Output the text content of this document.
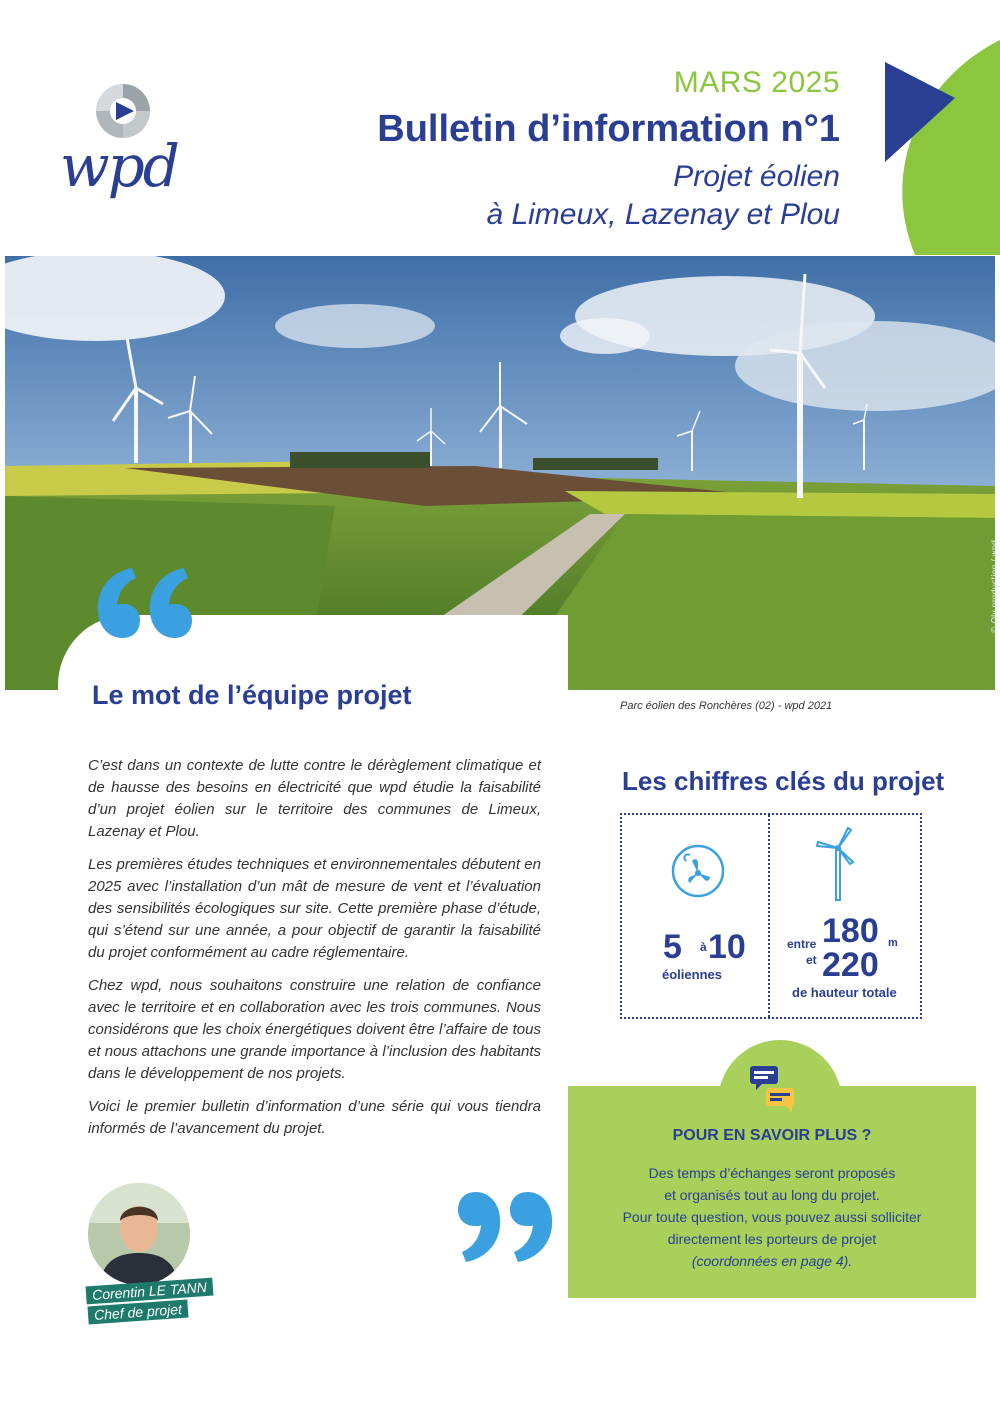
wpd
MARS 2025
Bulletin d’information n°1
Projet éolien
à Limeux, Lazenay et Plou
© Oly production / wpd
Le mot de l’équipe projet	Parc éolien des Ronchères (02) - wpd 2021

C’est dans un contexte de lutte contre le dérèglement climatique et de hausse des besoins en électricité que wpd étudie la faisabilité d’un projet éolien sur le territoire des communes de Limeux, Lazenay et Plou.

Les premières études techniques et environnementales débutent en 2025 avec l’installation d’un mât de mesure de vent et l’évaluation des sensibilités écologiques sur site. Cette première phase d’étude, qui s’étend sur une année, a pour objectif de garantir la faisabilité du projet conformément au cadre réglementaire.

Chez wpd, nous souhaitons construire une relation de confiance avec le territoire et en collaboration avec les trois communes. Nous considérons que les choix énergétiques doivent être l’affaire de tous et nous attachons une grande importance à l’inclusion des habitants dans le développement de nos projets.

Voici le premier bulletin d’information d’une série qui vous tiendra informés de l’avancement du projet.

Corentin LE TANN
Chef de projet
Les chiffres clés du projet
5 à 10
éoliennes
entre 180 m
et 220
de hauteur totale
POUR EN SAVOIR PLUS ?
Des temps d’échanges seront proposés
et organisés tout au long du projet.
Pour toute question, vous pouvez aussi solliciter
directement les porteurs de projet
(coordonnées en page 4).
